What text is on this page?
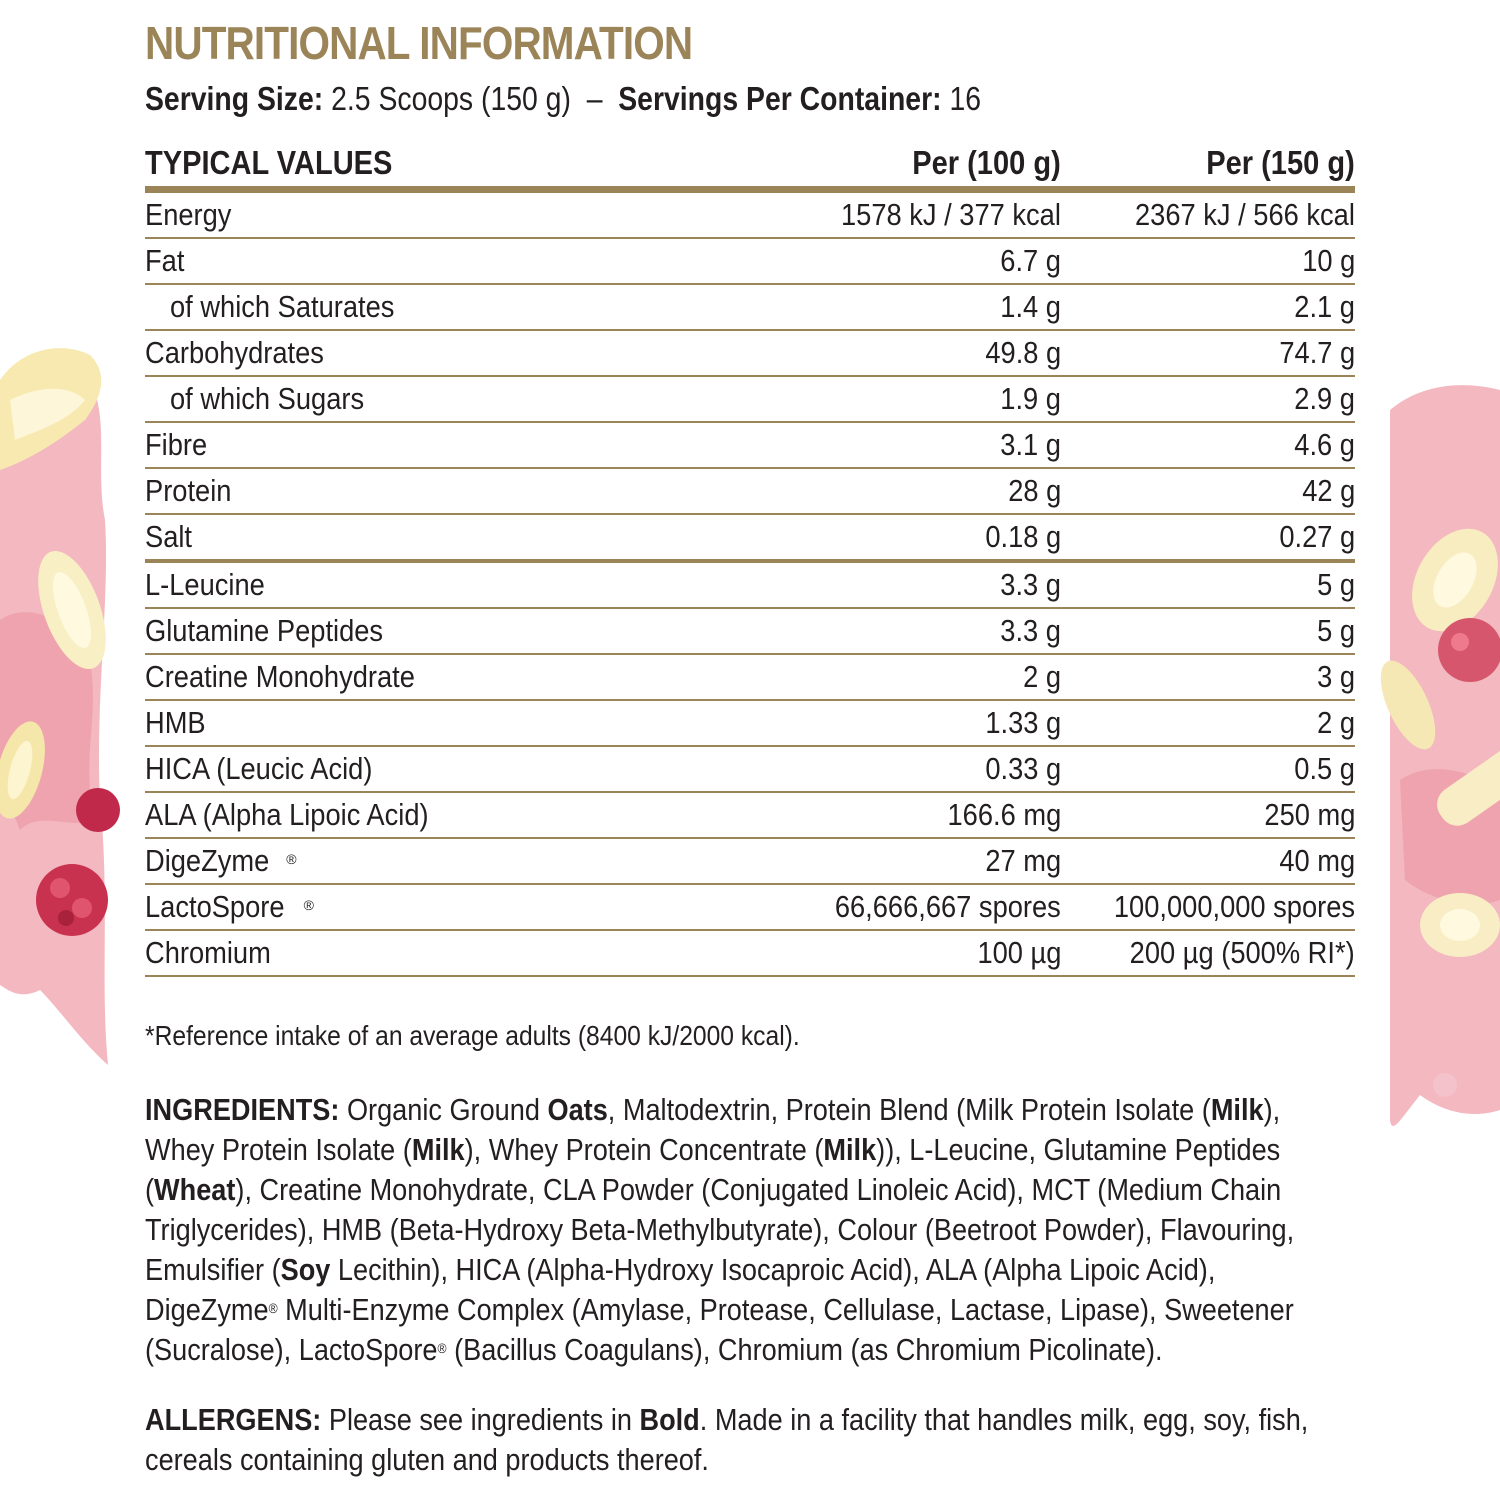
NUTRITIONAL INFORMATION
Serving Size: 2.5 Scoops (150 g) – Servings Per Container: 16
TYPICAL VALUES	Per (100 g)	Per (150 g)
Energy	1578 kJ / 377 kcal	2367 kJ / 566 kcal
Fat	6.7 g	10 g
of which Saturates	1.4 g	2.1 g
Carbohydrates	49.8 g	74.7 g
of which Sugars	1.9 g	2.9 g
Fibre	3.1 g	4.6 g
Protein	28 g	42 g
Salt	0.18 g	0.27 g
L-Leucine	3.3 g	5 g
Glutamine Peptides	3.3 g	5 g
Creatine Monohydrate	2 g	3 g
HMB	1.33 g	2 g
HICA (Leucic Acid)	0.33 g	0.5 g
ALA (Alpha Lipoic Acid)	166.6 mg	250 mg
DigeZyme ®	27 mg	40 mg
LactoSpore ®	66,666,667 spores	100,000,000 spores
Chromium	100 µg	200 µg (500% RI*)
*Reference intake of an average adults (8400 kJ/2000 kcal).
INGREDIENTS: Organic Ground Oats, Maltodextrin, Protein Blend (Milk Protein Isolate (Milk), Whey Protein Isolate (Milk), Whey Protein Concentrate (Milk)), L-Leucine, Glutamine Peptides (Wheat), Creatine Monohydrate, CLA Powder (Conjugated Linoleic Acid), MCT (Medium Chain Triglycerides), HMB (Beta-Hydroxy Beta-Methylbutyrate), Colour (Beetroot Powder), Flavouring, Emulsifier (Soy Lecithin), HICA (Alpha-Hydroxy Isocaproic Acid), ALA (Alpha Lipoic Acid), DigeZyme® Multi-Enzyme Complex (Amylase, Protease, Cellulase, Lactase, Lipase), Sweetener (Sucralose), LactoSpore® (Bacillus Coagulans), Chromium (as Chromium Picolinate).
ALLERGENS: Please see ingredients in Bold. Made in a facility that handles milk, egg, soy, fish, cereals containing gluten and products thereof.
